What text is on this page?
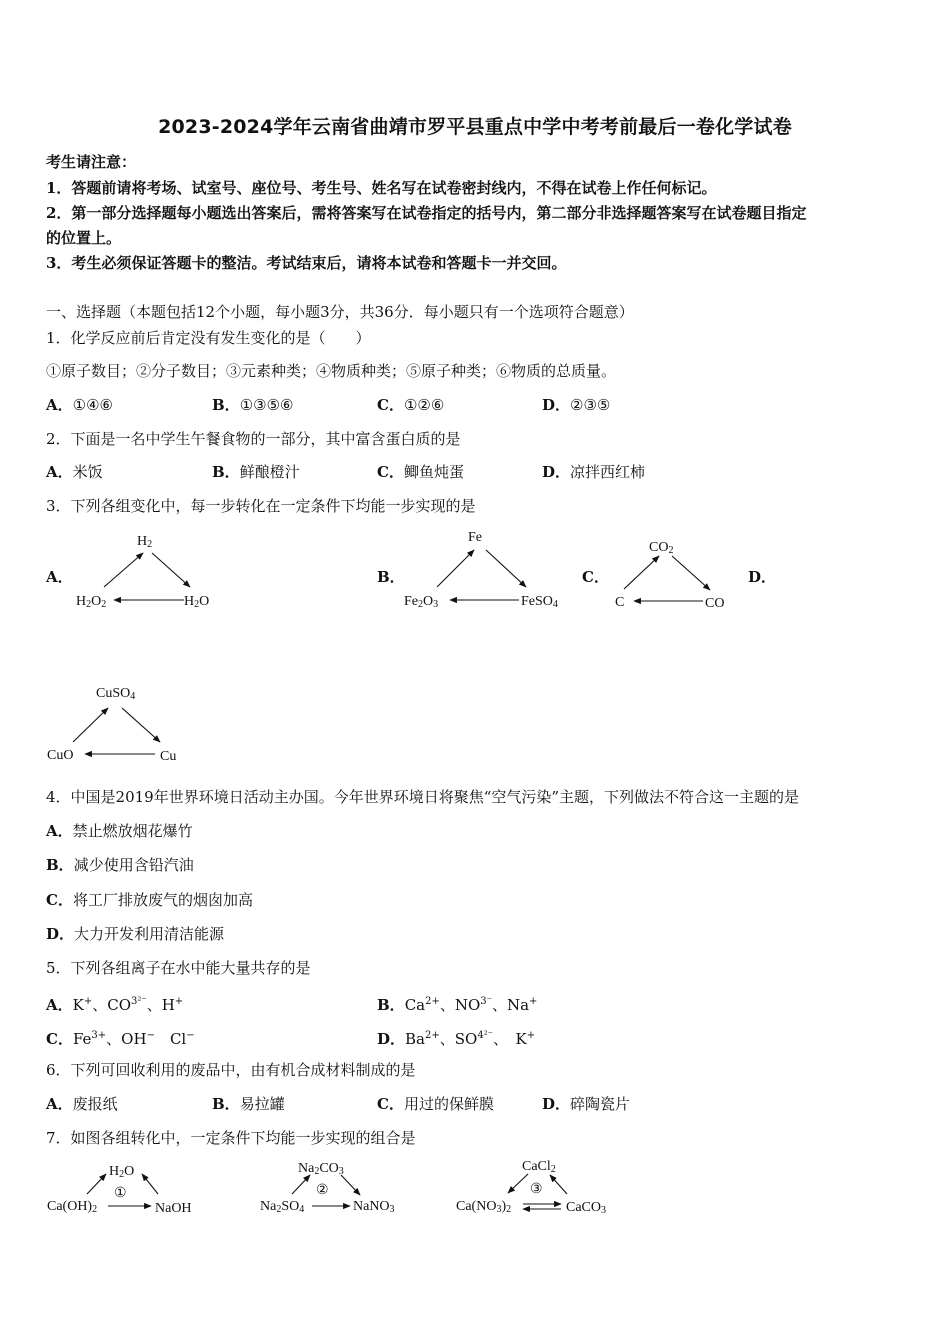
2023-2024学年云南省曲靖市罗平县重点中学中考考前最后一卷化学试卷
考生请注意：
1．答题前请将考场、试室号、座位号、考生号、姓名写在试卷密封线内，不得在试卷上作任何标记。
2．第一部分选择题每小题选出答案后，需将答案写在试卷指定的括号内，第二部分非选择题答案写在试卷题目指定
的位置上。
3．考生必须保证答题卡的整洁。考试结束后，请将本试卷和答题卡一并交回。
一、选择题（本题包括12个小题，每小题3分，共36分．每小题只有一个选项符合题意）
1．化学反应前后肯定没有发生变化的是（　　）
①原子数目；②分子数目；③元素种类；④物质种类；⑤原子种类；⑥物质的总质量。
A．①④⑥	B．①③⑤⑥	C．①②⑥	D．②③⑤
2．下面是一名中学生午餐食物的一部分，其中富含蛋白质的是
A．米饭	B．鲜酿橙汁	C．鲫鱼炖蛋	D．凉拌西红柿
3．下列各组变化中，每一步转化在一定条件下均能一步实现的是
A．	B．	C．	D．
H2
H2O2	H2O
Fe
Fe2O3	FeSO4
CO2
C	CO
CuSO4
CuO	Cu
H2O
①
Ca(OH)2	NaOH
Na2CO3
②
Na2SO4	NaNO3
CaCl2
③
Ca(NO3)2	CaCO3
4．中国是2019年世界环境日活动主办国。今年世界环境日将聚焦“空气污染”主题，下列做法不符合这一主题的是
A．禁止燃放烟花爆竹
B．减少使用含铅汽油
C．将工厂排放废气的烟囱加高
D．大力开发利用清洁能源
5．下列各组离子在水中能大量共存的是
A．K+、$CO^{3^{2-}}$、H+	B．$Ca^{2+}$、$NO^{3^-}$、Na+
C．$Fe^{3+}$、OH−　Cl−	D．$Ba^{2+}$、$SO^{4^{2-}}$、　K+
6．下列可回收利用的废品中，由有机合成材料制成的是
A．废报纸	B．易拉罐	C．用过的保鲜膜	D．碎陶瓷片
7．如图各组转化中，一定条件下均能一步实现的组合是
